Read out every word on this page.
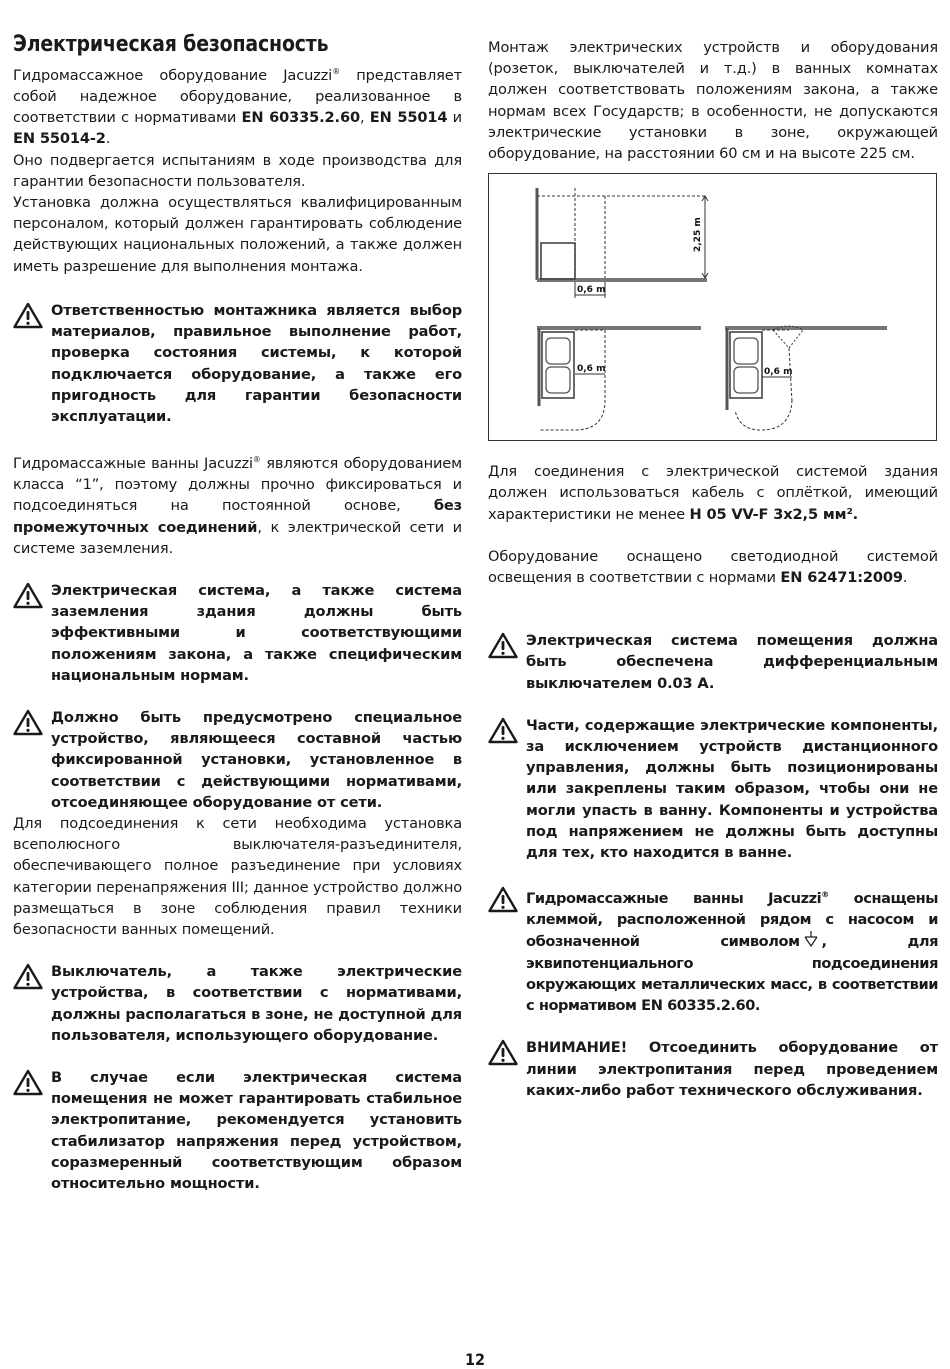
Электрическая безопасность

Гидромассажное оборудование Jacuzzi® представляет собой надежное оборудование, реализованное в соответствии с нормативами EN 60335.2.60, EN 55014 и EN 55014-2.

Оно подвергается испытаниям в ходе производства для гарантии безопасности пользователя.

Установка должна осуществляться квалифицированным персоналом, который должен гарантировать соблюдение действующих национальных положений, а также должен иметь разрешение для выполнения монтажа.

Ответственностью монтажника является выбор материалов, правильное выполнение работ, проверка состояния системы, к которой подключается оборудование, а также его пригодность для гарантии безопасности эксплуатации.

Гидромассажные ванны Jacuzzi® являются оборудованием класса “1”, поэтому должны прочно фиксироваться и подсоединяться на постоянной основе, без промежуточных соединений, к электрической сети и системе заземления.

Электрическая система, а также система заземления здания должны быть эффективными и соответствующими положениям закона, а также специфическим национальным нормам.

Должно быть предусмотрено специальное устройство, являющееся составной частью фиксированной установки, установленное в соответствии с действующими нормативами, отсоединяющее оборудование от сети.

Для подсоединения к сети необходима установка всеполюсного выключателя-разъединителя, обеспечивающего полное разъединение при условиях категории перенапряжения III; данное устройство должно размещаться в зоне соблюдения правил техники безопасности ванных помещений.

Выключатель, а также электрические устройства, в соответствии с нормативами, должны располагаться в зоне, не доступной для пользователя, использующего оборудование.

В случае если электрическая система помещения не может гарантировать стабильное электропитание, рекомендуется установить стабилизатор напряжения перед устройством, соразмеренный соответствующим образом относительно мощности.

Монтаж электрических устройств и оборудования (розеток, выключателей и т.д.) в ванных комнатах должен соответствовать положениям закона, а также нормам всех Государств; в особенности, не допускаются электрические установки в зоне, окружающей оборудование, на расстоянии 60 см и на высоте 225 см.

2,25 m
0,6 m
0,6 m	0,6 m

Для соединения с электрической системой здания должен использоваться кабель с оплёткой, имеющий характеристики не менее H 05 VV-F 3x2,5 мм².

Оборудование оснащено светодиодной системой освещения в соответствии с нормами EN 62471:2009.

Электрическая система помещения должна быть обеспечена дифференциальным выключателем 0.03 A.

Части, содержащие электрические компоненты, за исключением устройств дистанционного управления, должны быть позиционированы или закреплены таким образом, чтобы они не могли упасть в ванну. Компоненты и устройства под напряжением не должны быть доступны для тех, кто находится в ванне.

Гидромассажные ванны Jacuzzi® оснащены клеммой, расположенной рядом с насосом и обозначенной символом , для эквипотенциального подсоединения окружающих металлических масс, в соответствии с нормативом EN 60335.2.60.

ВНИМАНИЕ! Отсоединить оборудование от линии электропитания перед проведением каких-либо работ технического обслуживания.

12
